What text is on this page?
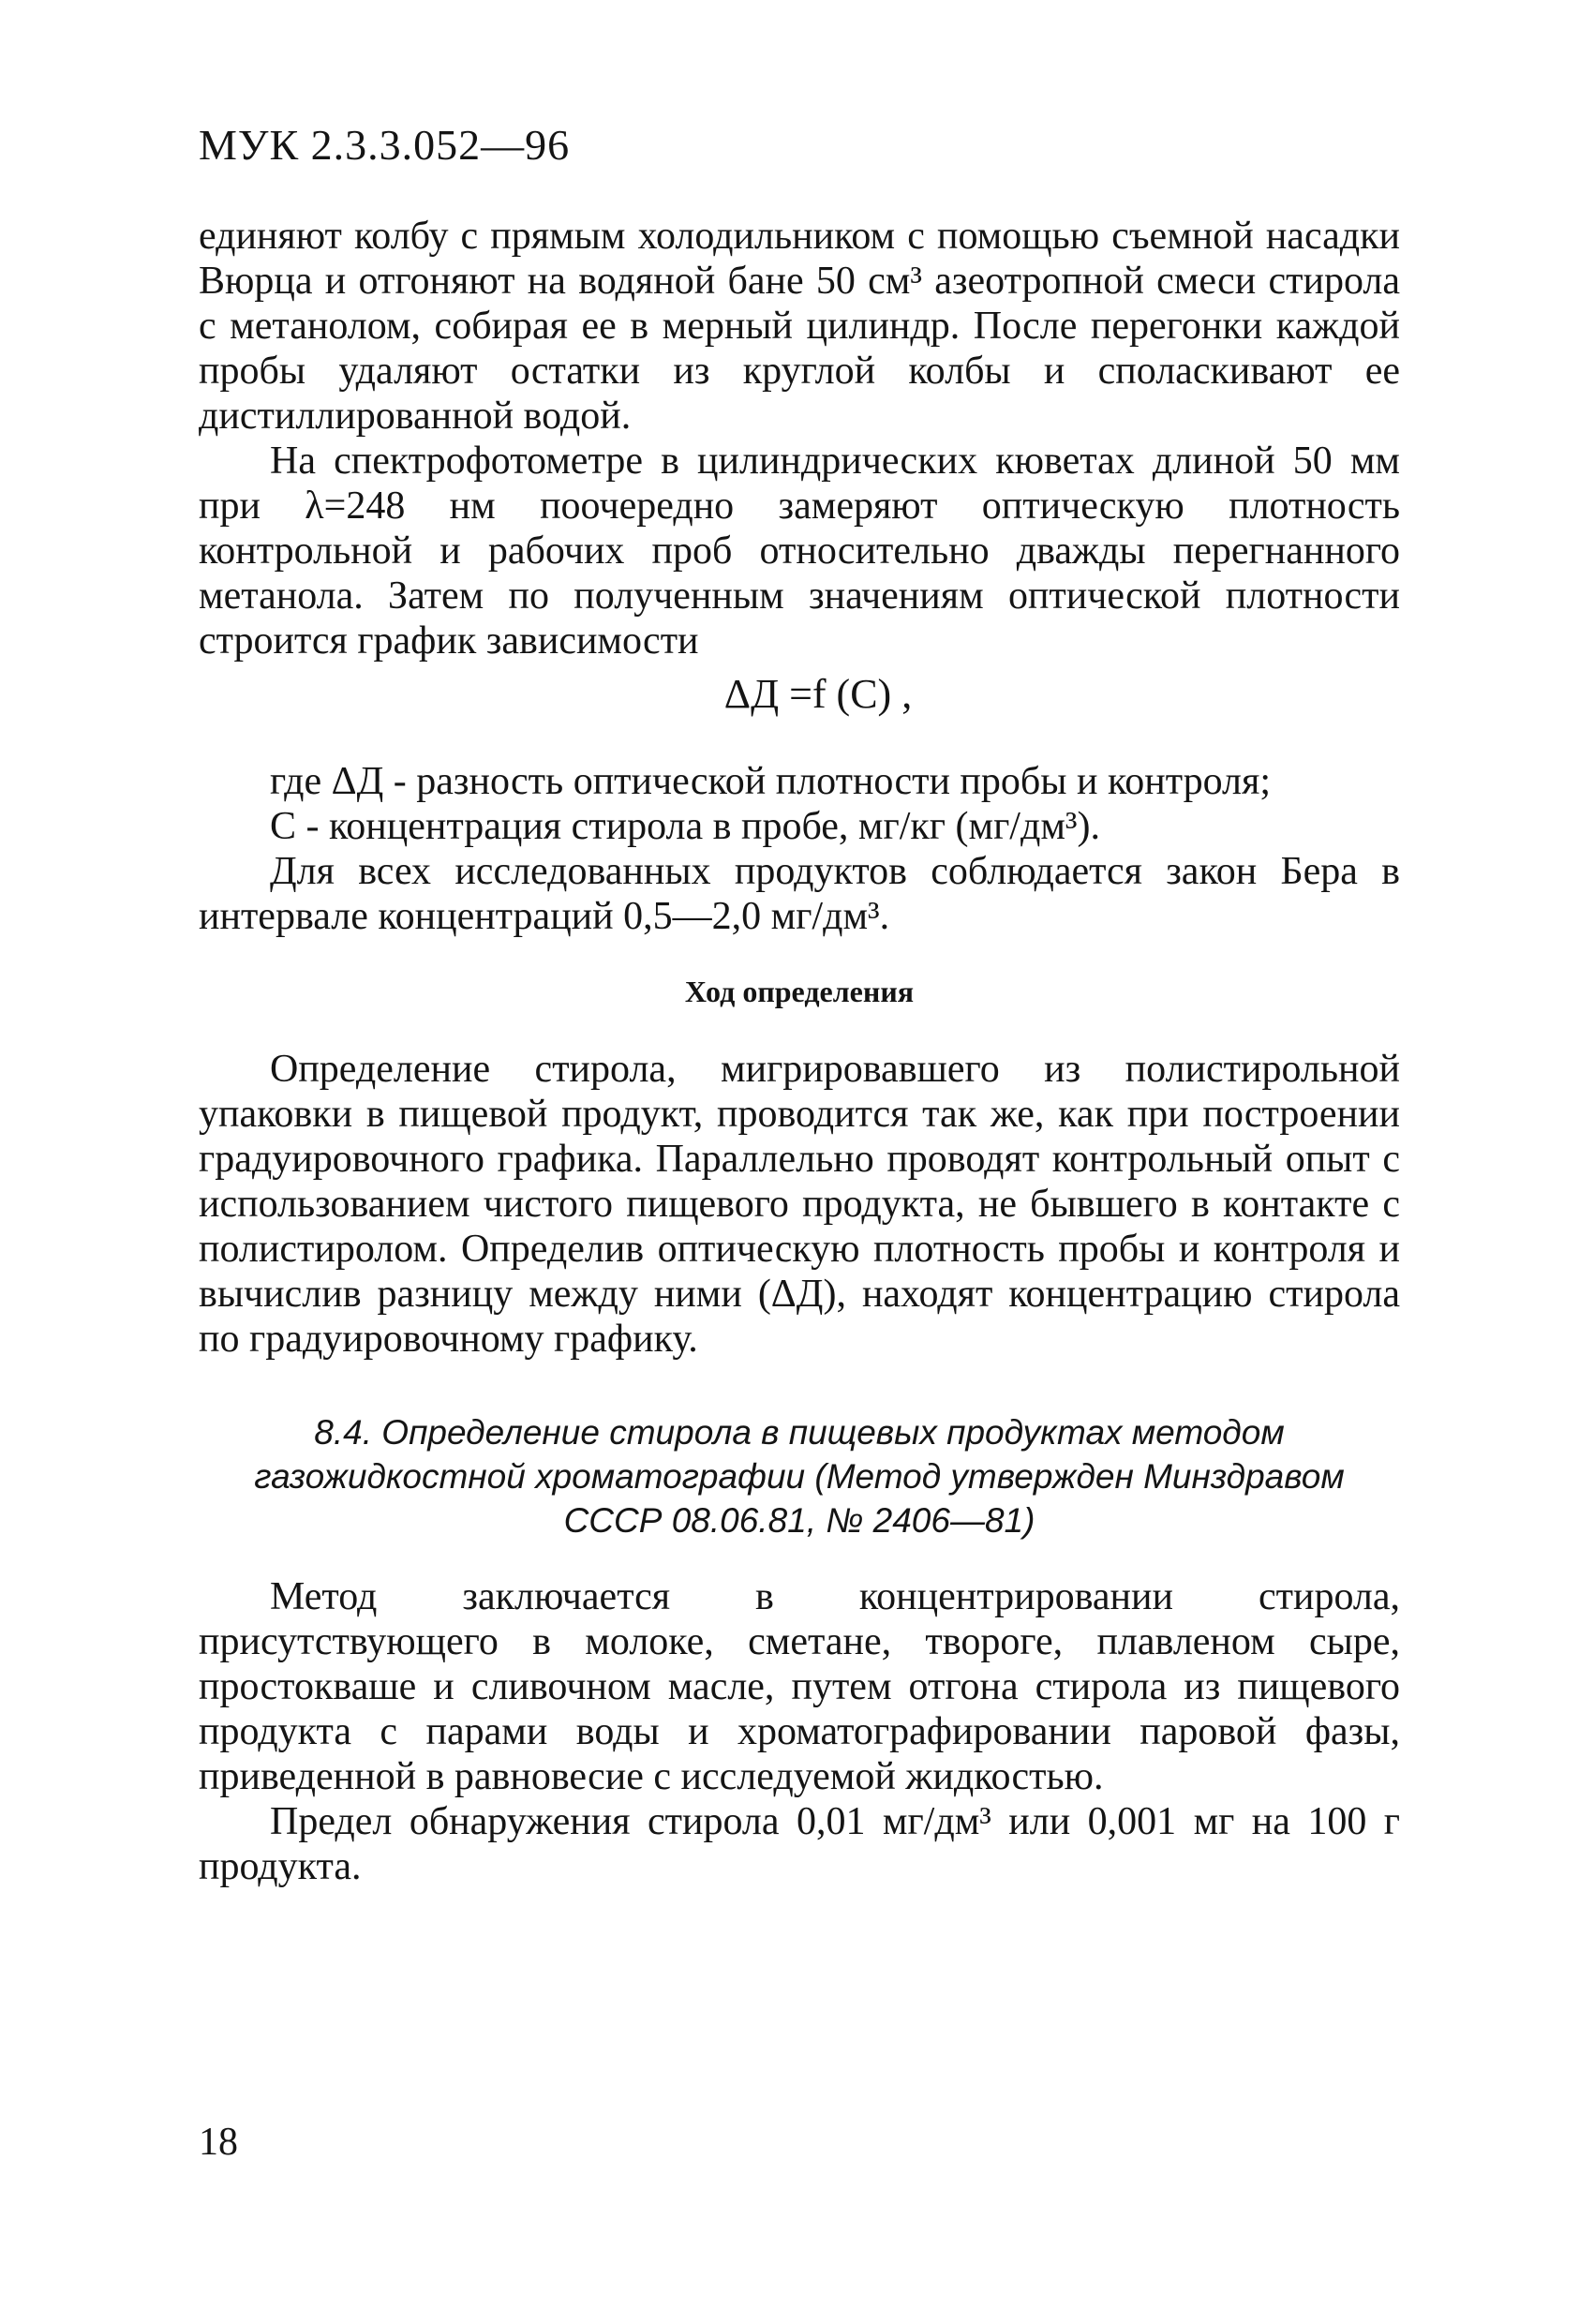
МУК 2.3.3.052—96

единяют колбу с прямым холодильником с помощью съемной насадки Вюрца и отгоняют на водяной бане 50 см³ азеотропной смеси стирола с метанолом, собирая ее в мерный цилиндр. После перегонки каждой пробы удаляют остатки из круглой колбы и споласкивают ее дистиллированной водой.

На спектрофотометре в цилиндрических кюветах длиной 50 мм при λ=248 нм поочередно замеряют оптическую плотность контрольной и рабочих проб относительно дважды перегнанного метанола. Затем по полученным значениям оптической плотности строится график зависимости

ΔД =f (C) ,

где ΔД - разность оптической плотности пробы и контроля;

С - концентрация стирола в пробе, мг/кг (мг/дм³).

Для всех исследованных продуктов соблюдается закон Бера в интервале концентраций 0,5—2,0 мг/дм³.

Ход определения

Определение стирола, мигрировавшего из полистирольной упаковки в пищевой продукт, проводится так же, как при построении градуировочного графика. Параллельно проводят контрольный опыт с использованием чистого пищевого продукта, не бывшего в контакте с полистиролом. Определив оптическую плотность пробы и контроля и вычислив разницу между ними (ΔД), находят концентрацию стирола по градуировочному графику.

8.4. Определение стирола в пищевых продуктах методом
газожидкостной хроматографии (Метод утвержден Минздравом
СССР 08.06.81, № 2406—81)

Метод заключается в концентрировании стирола, присутствующего в молоке, сметане, твороге, плавленом сыре, простокваше и сливочном масле, путем отгона стирола из пищевого продукта с парами воды и хроматографировании паровой фазы, приведенной в равновесие с исследуемой жидкостью.

Предел обнаружения стирола 0,01 мг/дм³ или 0,001 мг на 100 г продукта.

18
